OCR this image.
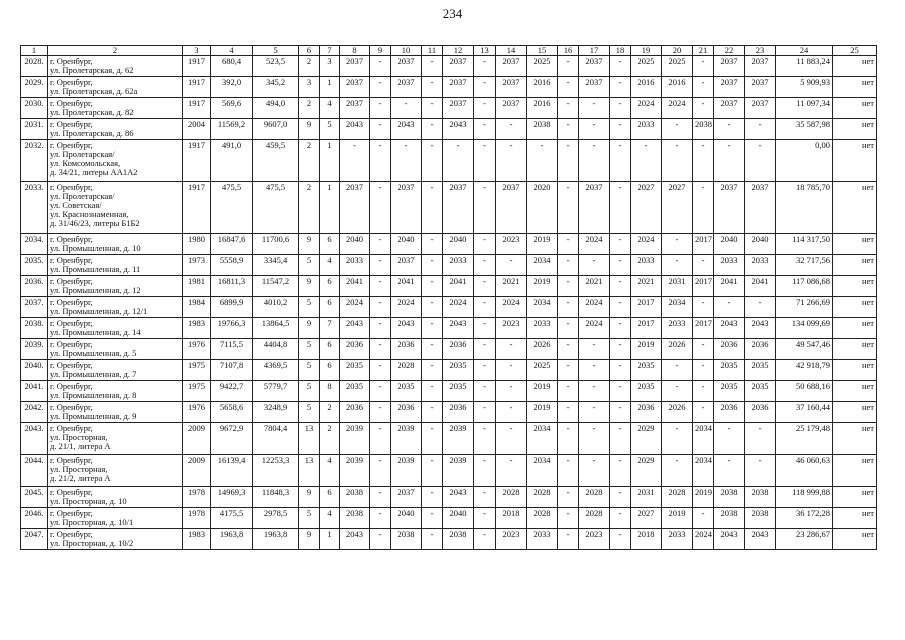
234
1	2	3	4	5	6	7	8	9	10	11	12	13	14	15	16	17	18	19	20	21	22	23	24	25
2028.	г. Оренбург,
ул. Пролетарская, д. 62	1917	680,4	523,5	2	3	2037	-	2037	-	2037	-	2037	2025	-	2037	-	2025	2025	-	2037	2037	11 883,24	нет
2029.	г. Оренбург,
ул. Пролетарская, д. 62а	1917	392,0	345,2	3	1	2037	-	2037	-	2037	-	2037	2016	-	2037	-	2016	2016	-	2037	2037	5 909,93	нет
2030.	г. Оренбург,
ул. Пролетарская, д. 82	1917	569,6	494,0	2	4	2037	-	-	-	2037	-	2037	2016	-	-	-	2024	2024	-	2037	2037	11 097,34	нет
2031.	г. Оренбург,
ул. Пролетарская, д. 86	2004	11569,2	9607,0	9	5	2043	-	2043	-	2043	-	-	2038	-	-	-	2033	-	2038	-	-	35 587,98	нет
2032.	г. Оренбург,
ул. Пролетарская/
ул. Комсомольская,
д. 34/21, литеры АА1А2	1917	491,0	459,5	2	1	-	-	-	-	-	-	-	-	-	-	-	-	-	-	-	-	0,00	нет
2033.	г. Оренбург,
ул. Пролетарская/
ул. Советская/
ул. Краснознаменная,
д. 31/46/23, литеры Б1Б2	1917	475,5	475,5	2	1	2037	-	2037	-	2037	-	2037	2020	-	2037	-	2027	2027	-	2037	2037	18 785,70	нет
2034.	г. Оренбург,
ул. Промышленная, д. 10	1980	16847,6	11700,6	9	6	2040	-	2040	-	2040	-	2023	2019	-	2024	-	2024	-	2017	2040	2040	114 317,50	нет
2035.	г. Оренбург,
ул. Промышленная, д. 11	1973	5558,9	3345,4	5	4	2033	-	2037	-	2033	-	-	2034	-	-	-	2033	-	-	2033	2033	32 717,56	нет
2036.	г. Оренбург,
ул. Промышленная, д. 12	1981	16811,3	11547,2	9	6	2041	-	2041	-	2041	-	2021	2019	-	2021	-	2021	2031	2017	2041	2041	117 086,68	нет
2037.	г. Оренбург,
ул. Промышленная, д. 12/1	1984	6899,9	4010,2	5	6	2024	-	2024	-	2024	-	2024	2034	-	2024	-	2017	2034	-	-	-	71 266,69	нет
2038.	г. Оренбург,
ул. Промышленная, д. 14	1983	19766,3	13864,5	9	7	2043	-	2043	-	2043	-	2023	2033	-	2024	-	2017	2033	2017	2043	2043	134 099,69	нет
2039.	г. Оренбург,
ул. Промышленная, д. 5	1976	7115,5	4404,8	5	6	2036	-	2036	-	2036	-	-	2026	-	-	-	2019	2026	-	2036	2036	49 547,46	нет
2040.	г. Оренбург,
ул. Промышленная, д. 7	1975	7107,8	4369,5	5	6	2035	-	2028	-	2035	-	-	2025	-	-	-	2035	-	-	2035	2035	42 918,79	нет
2041.	г. Оренбург,
ул. Промышленная, д. 8	1975	9422,7	5779,7	5	8	2035	-	2035	-	2035	-	-	2019	-	-	-	2035	-	-	2035	2035	50 688,16	нет
2042.	г. Оренбург,
ул. Промышленная, д. 9	1976	5658,6	3248,9	5	2	2036	-	2036	-	2036	-	-	2019	-	-	-	2036	2026	-	2036	2036	37 160,44	нет
2043.	г. Оренбург,
ул. Просторная,
д. 21/1, литера А	2009	9672,9	7804,4	13	2	2039	-	2039	-	2039	-	-	2034	-	-	-	2029	-	2034	-	-	25 179,48	нет
2044.	г. Оренбург,
ул. Просторная,
д. 21/2, литера А	2009	16139,4	12253,3	13	4	2039	-	2039	-	2039	-	-	2034	-	-	-	2029	-	2034	-	-	46 060,63	нет
2045.	г. Оренбург,
ул. Просторная, д. 10	1978	14969,3	11848,3	9	6	2038	-	2037	-	2043	-	2028	2028	-	2028	-	2031	2028	2019	2038	2038	118 999,88	нет
2046.	г. Оренбург,
ул. Просторная, д. 10/1	1978	4175,5	2978,5	5	4	2038	-	2040	-	2040	-	2018	2028	-	2028	-	2027	2019	-	2038	2038	36 172,28	нет
2047.	г. Оренбург,
ул. Просторная, д. 10/2	1983	1963,8	1963,8	9	1	2043	-	2038	-	2038	-	2023	2033	-	2023	-	2018	2033	2024	2043	2043	23 286,67	нет
